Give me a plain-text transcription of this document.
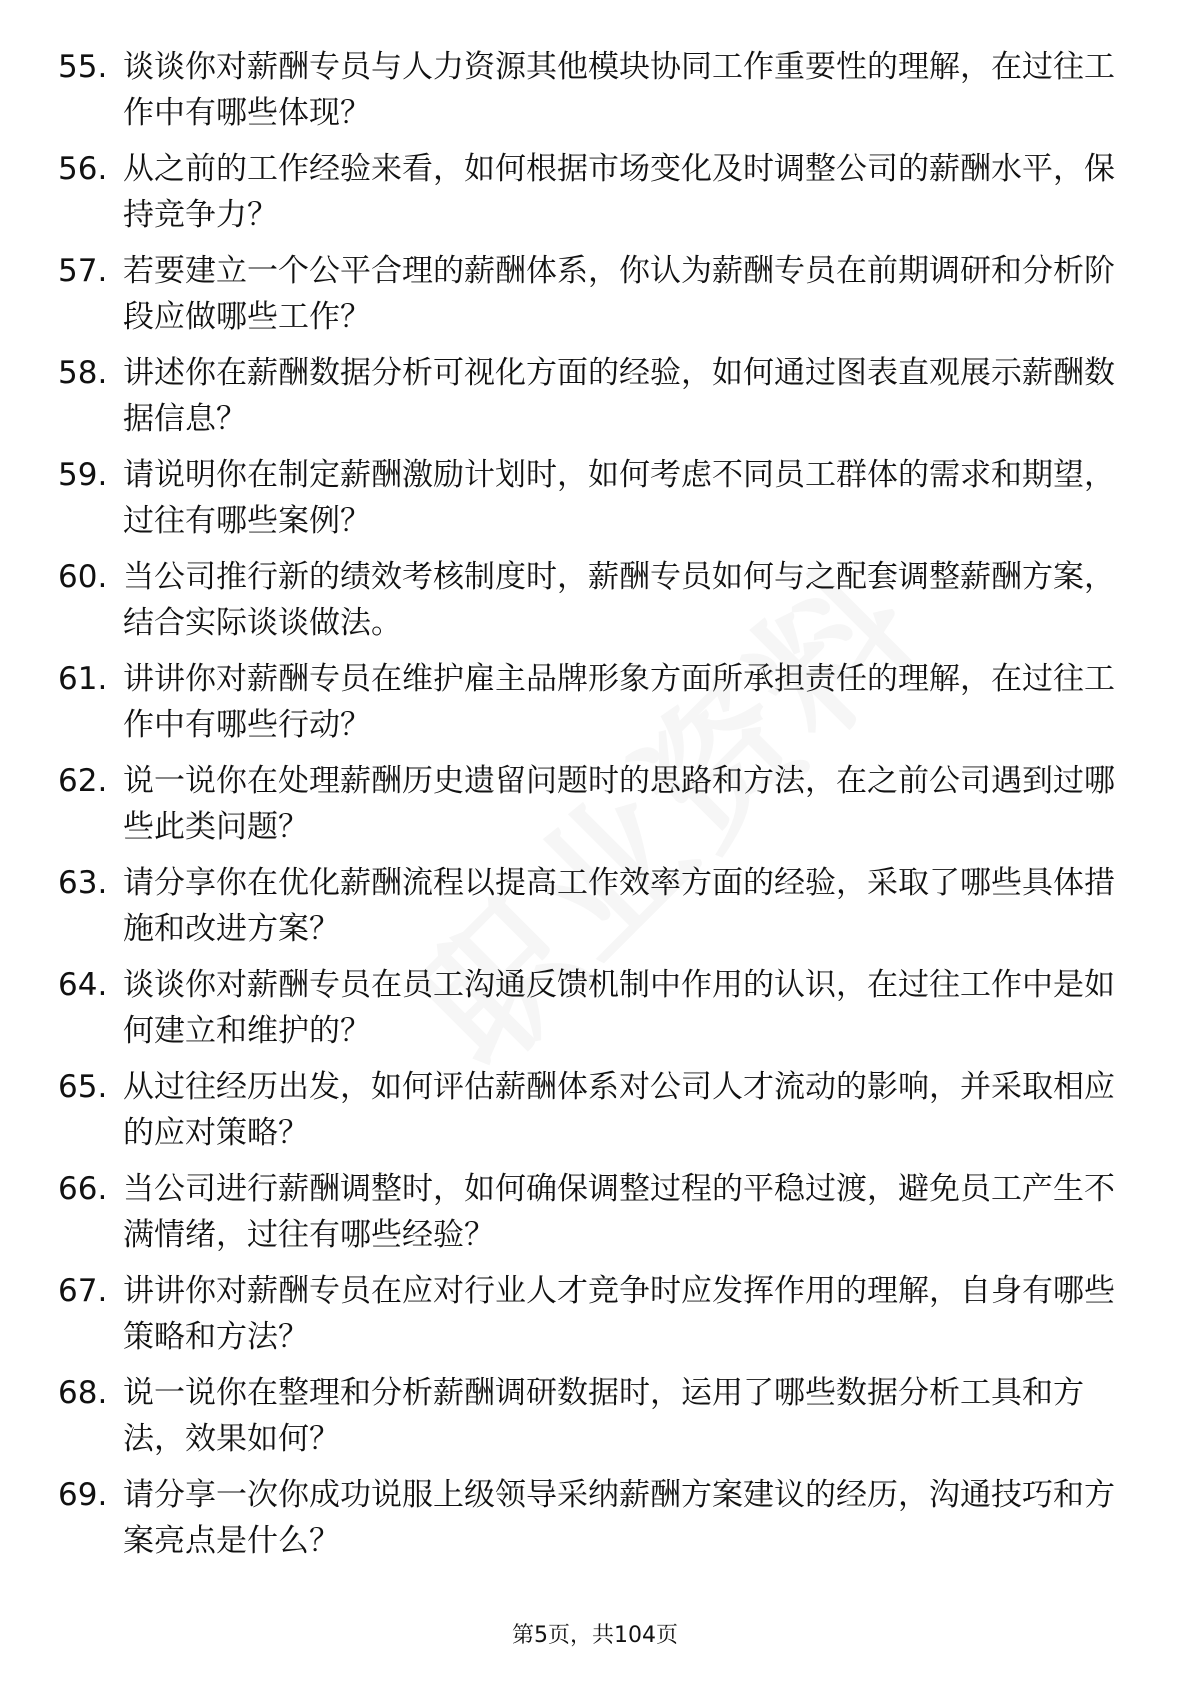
55. 谈谈你对薪酬专员与人力资源其他模块协同工作重要性的理解，在过往工作中有哪些体现？
56. 从之前的工作经验来看，如何根据市场变化及时调整公司的薪酬水平，保持竞争力？
57. 若要建立一个公平合理的薪酬体系，你认为薪酬专员在前期调研和分析阶段应做哪些工作？
58. 讲述你在薪酬数据分析可视化方面的经验，如何通过图表直观展示薪酬数据信息？
59. 请说明你在制定薪酬激励计划时，如何考虑不同员工群体的需求和期望，过往有哪些案例？
60. 当公司推行新的绩效考核制度时，薪酬专员如何与之配套调整薪酬方案，结合实际谈谈做法。
61. 讲讲你对薪酬专员在维护雇主品牌形象方面所承担责任的理解，在过往工作中有哪些行动？
62. 说一说你在处理薪酬历史遗留问题时的思路和方法，在之前公司遇到过哪些此类问题？
63. 请分享你在优化薪酬流程以提高工作效率方面的经验，采取了哪些具体措施和改进方案？
64. 谈谈你对薪酬专员在员工沟通反馈机制中作用的认识，在过往工作中是如何建立和维护的？
65. 从过往经历出发，如何评估薪酬体系对公司人才流动的影响，并采取相应的应对策略？
66. 当公司进行薪酬调整时，如何确保调整过程的平稳过渡，避免员工产生不满情绪，过往有哪些经验？
67. 讲讲你对薪酬专员在应对行业人才竞争时应发挥作用的理解，自身有哪些策略和方法？
68. 说一说你在整理和分析薪酬调研数据时，运用了哪些数据分析工具和方法，效果如何？
69. 请分享一次你成功说服上级领导采纳薪酬方案建议的经历，沟通技巧和方案亮点是什么？
第5页，共104页
